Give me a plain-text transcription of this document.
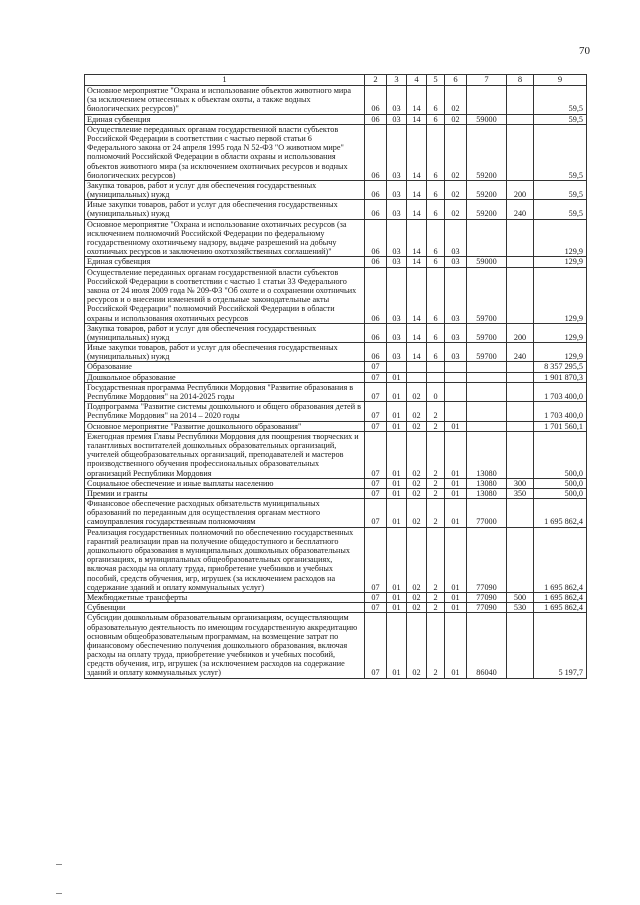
70
1	2	3	4	5	6	7	8	9
Основное мероприятие "Охрана и использование объектов животного мира (за исключением отнесенных к объектам охоты, а также водных биологических ресурсов)"	06	03	14	6	02			59,5
Единая субвенция	06	03	14	6	02	59000		59,5
Осуществление переданных органам государственной власти субъектов Российской Федерации в соответствии с частью первой статьи 6 Федерального закона от 24 апреля 1995 года N 52-ФЗ "О животном мире" полномочий Российской Федерации в области охраны и использования объектов животного мира (за исключением охотничьих ресурсов и водных биологических ресурсов)	06	03	14	6	02	59200		59,5
Закупка товаров, работ и услуг для обеспечения государственных (муниципальных) нужд	06	03	14	6	02	59200	200	59,5
Иные закупки товаров, работ и услуг для обеспечения государственных (муниципальных) нужд	06	03	14	6	02	59200	240	59,5
Основное мероприятие "Охрана и использование охотничьих ресурсов (за исключением полномочий Российской Федерации по федеральному государственному охотничьему надзору, выдаче разрешений на добычу охотничьих ресурсов и заключению охотхозяйственных соглашений)"	06	03	14	6	03			129,9
Единая субвенция	06	03	14	6	03	59000		129,9
Осуществление переданных органам государственной власти субъектов Российской Федерации в соответствии с частью 1 статьи 33 Федерального закона от 24 июля 2009 года № 209-ФЗ "Об охоте и о сохранении охотничьих ресурсов и о внесении изменений в отдельные законодательные акты Российской Федерации" полномочий Российской Федерации в области охраны и использования охотничьих ресурсов	06	03	14	6	03	59700		129,9
Закупка товаров, работ и услуг для обеспечения государственных (муниципальных) нужд	06	03	14	6	03	59700	200	129,9
Иные закупки товаров, работ и услуг для обеспечения государственных (муниципальных) нужд	06	03	14	6	03	59700	240	129,9
Образование	07							8 357 295,5
Дошкольное образование	07	01						1 901 870,3
Государственная программа Республики Мордовия "Развитие образования в Республике Мордовия" на 2014-2025 годы	07	01	02	0				1 703 400,0
Подпрограмма "Развитие системы дошкольного и общего образования детей в Республике Мордовия" на 2014 – 2020 годы	07	01	02	2				1 703 400,0
Основное мероприятие "Развитие дошкольного образования"	07	01	02	2	01			1 701 560,1
Ежегодная премия Главы Республики Мордовия для поощрения творческих и талантливых воспитателей дошкольных образовательных организаций, учителей общеобразовательных организаций, преподавателей и мастеров производственного обучения профессиональных образовательных организаций Республики Мордовия	07	01	02	2	01	13080		500,0
Социальное обеспечение и иные выплаты населению	07	01	02	2	01	13080	300	500,0
Премии и гранты	07	01	02	2	01	13080	350	500,0
Финансовое обеспечение расходных обязательств муниципальных образований по переданным для осуществления органам местного самоуправления государственным полномочиям	07	01	02	2	01	77000		1 695 862,4
Реализация государственных полномочий по обеспечению государственных гарантий реализации прав на получение общедоступного и бесплатного дошкольного образования в муниципальных дошкольных образовательных организациях, в муниципальных общеобразовательных организациях, включая расходы на оплату труда, приобретение учебников и учебных пособий, средств обучения, игр, игрушек (за исключением расходов на содержание зданий и оплату коммунальных услуг)	07	01	02	2	01	77090		1 695 862,4
Межбюджетные трансферты	07	01	02	2	01	77090	500	1 695 862,4
Субвенции	07	01	02	2	01	77090	530	1 695 862,4
Субсидии дошкольным образовательным организациям, осуществляющим образовательную деятельность по имеющим государственную аккредитацию основным общеобразовательным программам, на возмещение затрат по финансовому обеспечению получения дошкольного образования, включая расходы на оплату труда, приобретение учебников и учебных пособий, средств обучения, игр, игрушек (за исключением расходов на содержание зданий и оплату коммунальных услуг)	07	01	02	2	01	86040		5 197,7
